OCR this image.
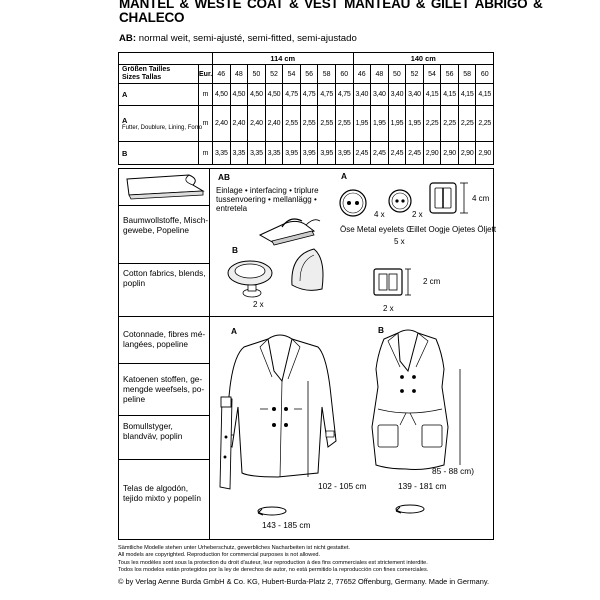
MANTEL & WESTE COAT & VEST MANTEAU & GILET ABRIGO &
CHALECO
AB: normal weit, semi-ajusté, semi-fitted, semi-ajustado
		114 cm								140 cm							

Größen Tailles
Sizes Tallas	Eur.	46	48	50	52	54	56	58	60	46	48	50	52	54	56	58	60
A	m	4,50	4,50	4,50	4,50	4,75	4,75	4,75	4,75	3,40	3,40	3,40	3,40	4,15	4,15	4,15	4,15
A
Futter, Doublure, Lining, Forro	m	2,40	2,40	2,40	2,40	2,55	2,55	2,55	2,55	1,95	1,95	1,95	1,95	2,25	2,25	2,25	2,25
B	m	3,35	3,35	3,35	3,35	3,95	3,95	3,95	3,95	2,45	2,45	2,45	2,45	2,90	2,90	2,90	2,90
Baumwollstoffe, Misch-gewebe, Popeline
Cotton fabrics, blends, poplin
Cotonnade, fibres mé-langées, popeline
Katoenen stoffen, ge-mengde weefsels, po-peline
Bomullstyger, blandväv, poplin
Telas de algodón, tejido mixto y popelín
AB
Einlage • interfacing • triplure
tussenvoering • mellanlägg •
entretela
A
4 x	2 x
4 cm
Öse Metal eyelets Œillet Oogje Ojetes Öljett
5 x
B
2 x
2 cm
2 x
A	B
102 - 105 cm
143 - 185 cm
85 - 88 cm)
139 - 181 cm
Sämtliche Modelle stehen unter Urheberschutz, gewerbliches Nacharbeiten ist nicht gestattet.
All models are copyrighted. Reproduction for commercial purposes is not allowed.
Tous les modèles sont sous la protection du droit d'auteur, leur reproduction à des fins commerciales est strictement interdite.
Todos los modelos están protegidos por la ley de derechos de autor, no está permitido la reproducción con fines comerciales.
© by Verlag Aenne Burda GmbH & Co. KG, Hubert-Burda-Platz 2, 77652 Offenburg, Germany. Made in Germany.
